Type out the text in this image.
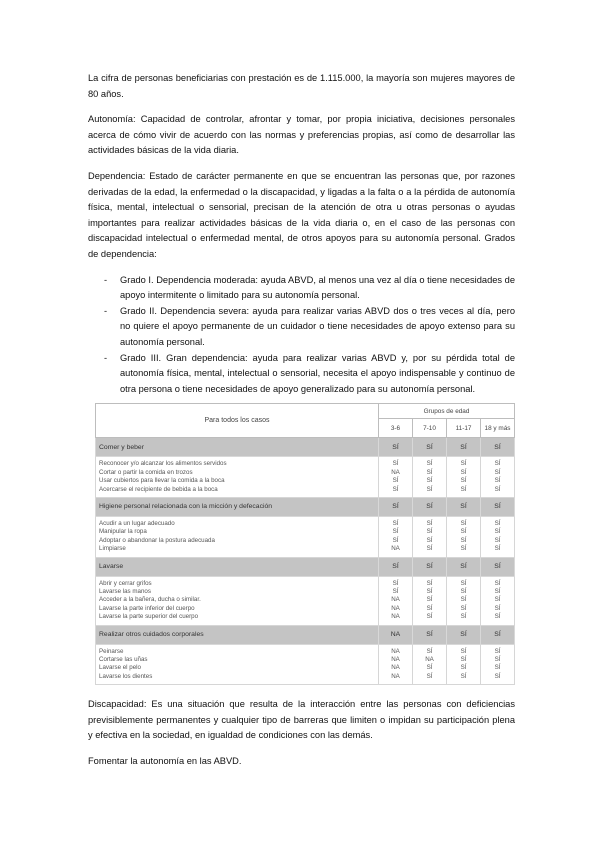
La cifra de personas beneficiarias con prestación es de 1.115.000, la mayoría son mujeres mayores de 80 años.

Autonomía: Capacidad de controlar, afrontar y tomar, por propia iniciativa, decisiones personales acerca de cómo vivir de acuerdo con las normas y preferencias propias, así como de desarrollar las actividades básicas de la vida diaria.

Dependencia: Estado de carácter permanente en que se encuentran las personas que, por razones derivadas de la edad, la enfermedad o la discapacidad, y ligadas a la falta o a la pérdida de autonomía física, mental, intelectual o sensorial, precisan de la atención de otra u otras personas o ayudas importantes para realizar actividades básicas de la vida diaria o, en el caso de las personas con discapacidad intelectual o enfermedad mental, de otros apoyos para su autonomía personal. Grados de dependencia:

- Grado I. Dependencia moderada: ayuda ABVD, al menos una vez al día o tiene necesidades de apoyo intermitente o limitado para su autonomía personal.
- Grado II. Dependencia severa: ayuda para realizar varias ABVD dos o tres veces al día, pero no quiere el apoyo permanente de un cuidador o tiene necesidades de apoyo extenso para su autonomía personal.
- Grado III. Gran dependencia: ayuda para realizar varias ABVD y, por su pérdida total de autonomía física, mental, intelectual o sensorial, necesita el apoyo indispensable y continuo de otra persona o tiene necesidades de apoyo generalizado para su autonomía personal.
Para todos los casos	Grupos de edad			
	3-6	7-10	11-17	18 y más
Comer y beber	SÍ	SÍ	SÍ	SÍ
Reconocer y/o alcanzar los alimentos servidos	SÍ	SÍ	SÍ	SÍ
Cortar o partir la comida en trozos	NA	SÍ	SÍ	SÍ
Usar cubiertos para llevar la comida a la boca	SÍ	SÍ	SÍ	SÍ
Acercarse el recipiente de bebida a la boca	SÍ	SÍ	SÍ	SÍ
Higiene personal relacionada con la micción y defecación	SÍ	SÍ	SÍ	SÍ
Acudir a un lugar adecuado	SÍ	SÍ	SÍ	SÍ
Manipular la ropa	SÍ	SÍ	SÍ	SÍ
Adoptar o abandonar la postura adecuada	SÍ	SÍ	SÍ	SÍ
Limpiarse	NA	SÍ	SÍ	SÍ
Lavarse	SÍ	SÍ	SÍ	SÍ
Abrir y cerrar grifos	SÍ	SÍ	SÍ	SÍ
Lavarse las manos	SÍ	SÍ	SÍ	SÍ
Acceder a la bañera, ducha o similar.	NA	SÍ	SÍ	SÍ
Lavarse la parte inferior del cuerpo	NA	SÍ	SÍ	SÍ
Lavarse la parte superior del cuerpo	NA	SÍ	SÍ	SÍ
Realizar otros cuidados corporales	NA	SÍ	SÍ	SÍ
Peinarse	NA	SÍ	SÍ	SÍ
Cortarse las uñas	NA	NA	SÍ	SÍ
Lavarse el pelo	NA	SÍ	SÍ	SÍ
Lavarse los dientes	NA	SÍ	SÍ	SÍ

Discapacidad: Es una situación que resulta de la interacción entre las personas con deficiencias previsiblemente permanentes y cualquier tipo de barreras que limiten o impidan su participación plena y efectiva en la sociedad, en igualdad de condiciones con las demás.

Fomentar la autonomía en las ABVD.
